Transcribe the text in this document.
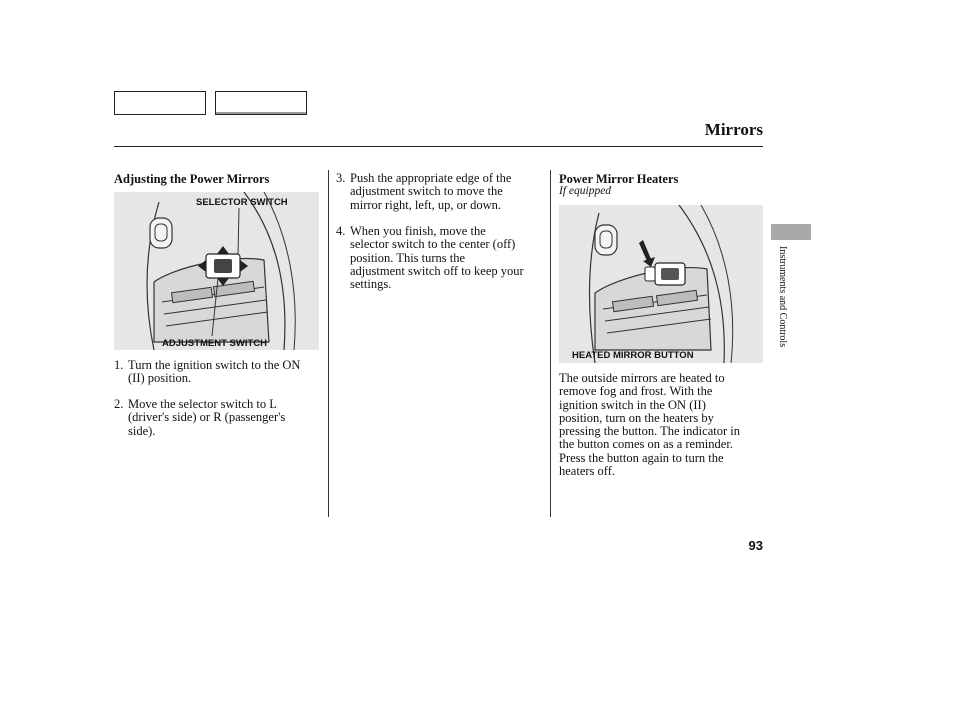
Mirrors
Adjusting the Power Mirrors
SELECTOR SWITCH
ADJUSTMENT SWITCH
1. Turn the ignition switch to the ON
(II) position.
2. Move the selector switch to L
(driver's side) or R (passenger's
side).
3. Push the appropriate edge of the
adjustment switch to move the
mirror right, left, up, or down.
4. When you finish, move the
selector switch to the center (off)
position. This turns the
adjustment switch off to keep your
settings.
Power Mirror Heaters
If equipped
HEATED MIRROR BUTTON
The outside mirrors are heated to
remove fog and frost. With the
ignition switch in the ON (II)
position, turn on the heaters by
pressing the button. The indicator in
the button comes on as a reminder.
Press the button again to turn the
heaters off.
Instruments and Controls
93
